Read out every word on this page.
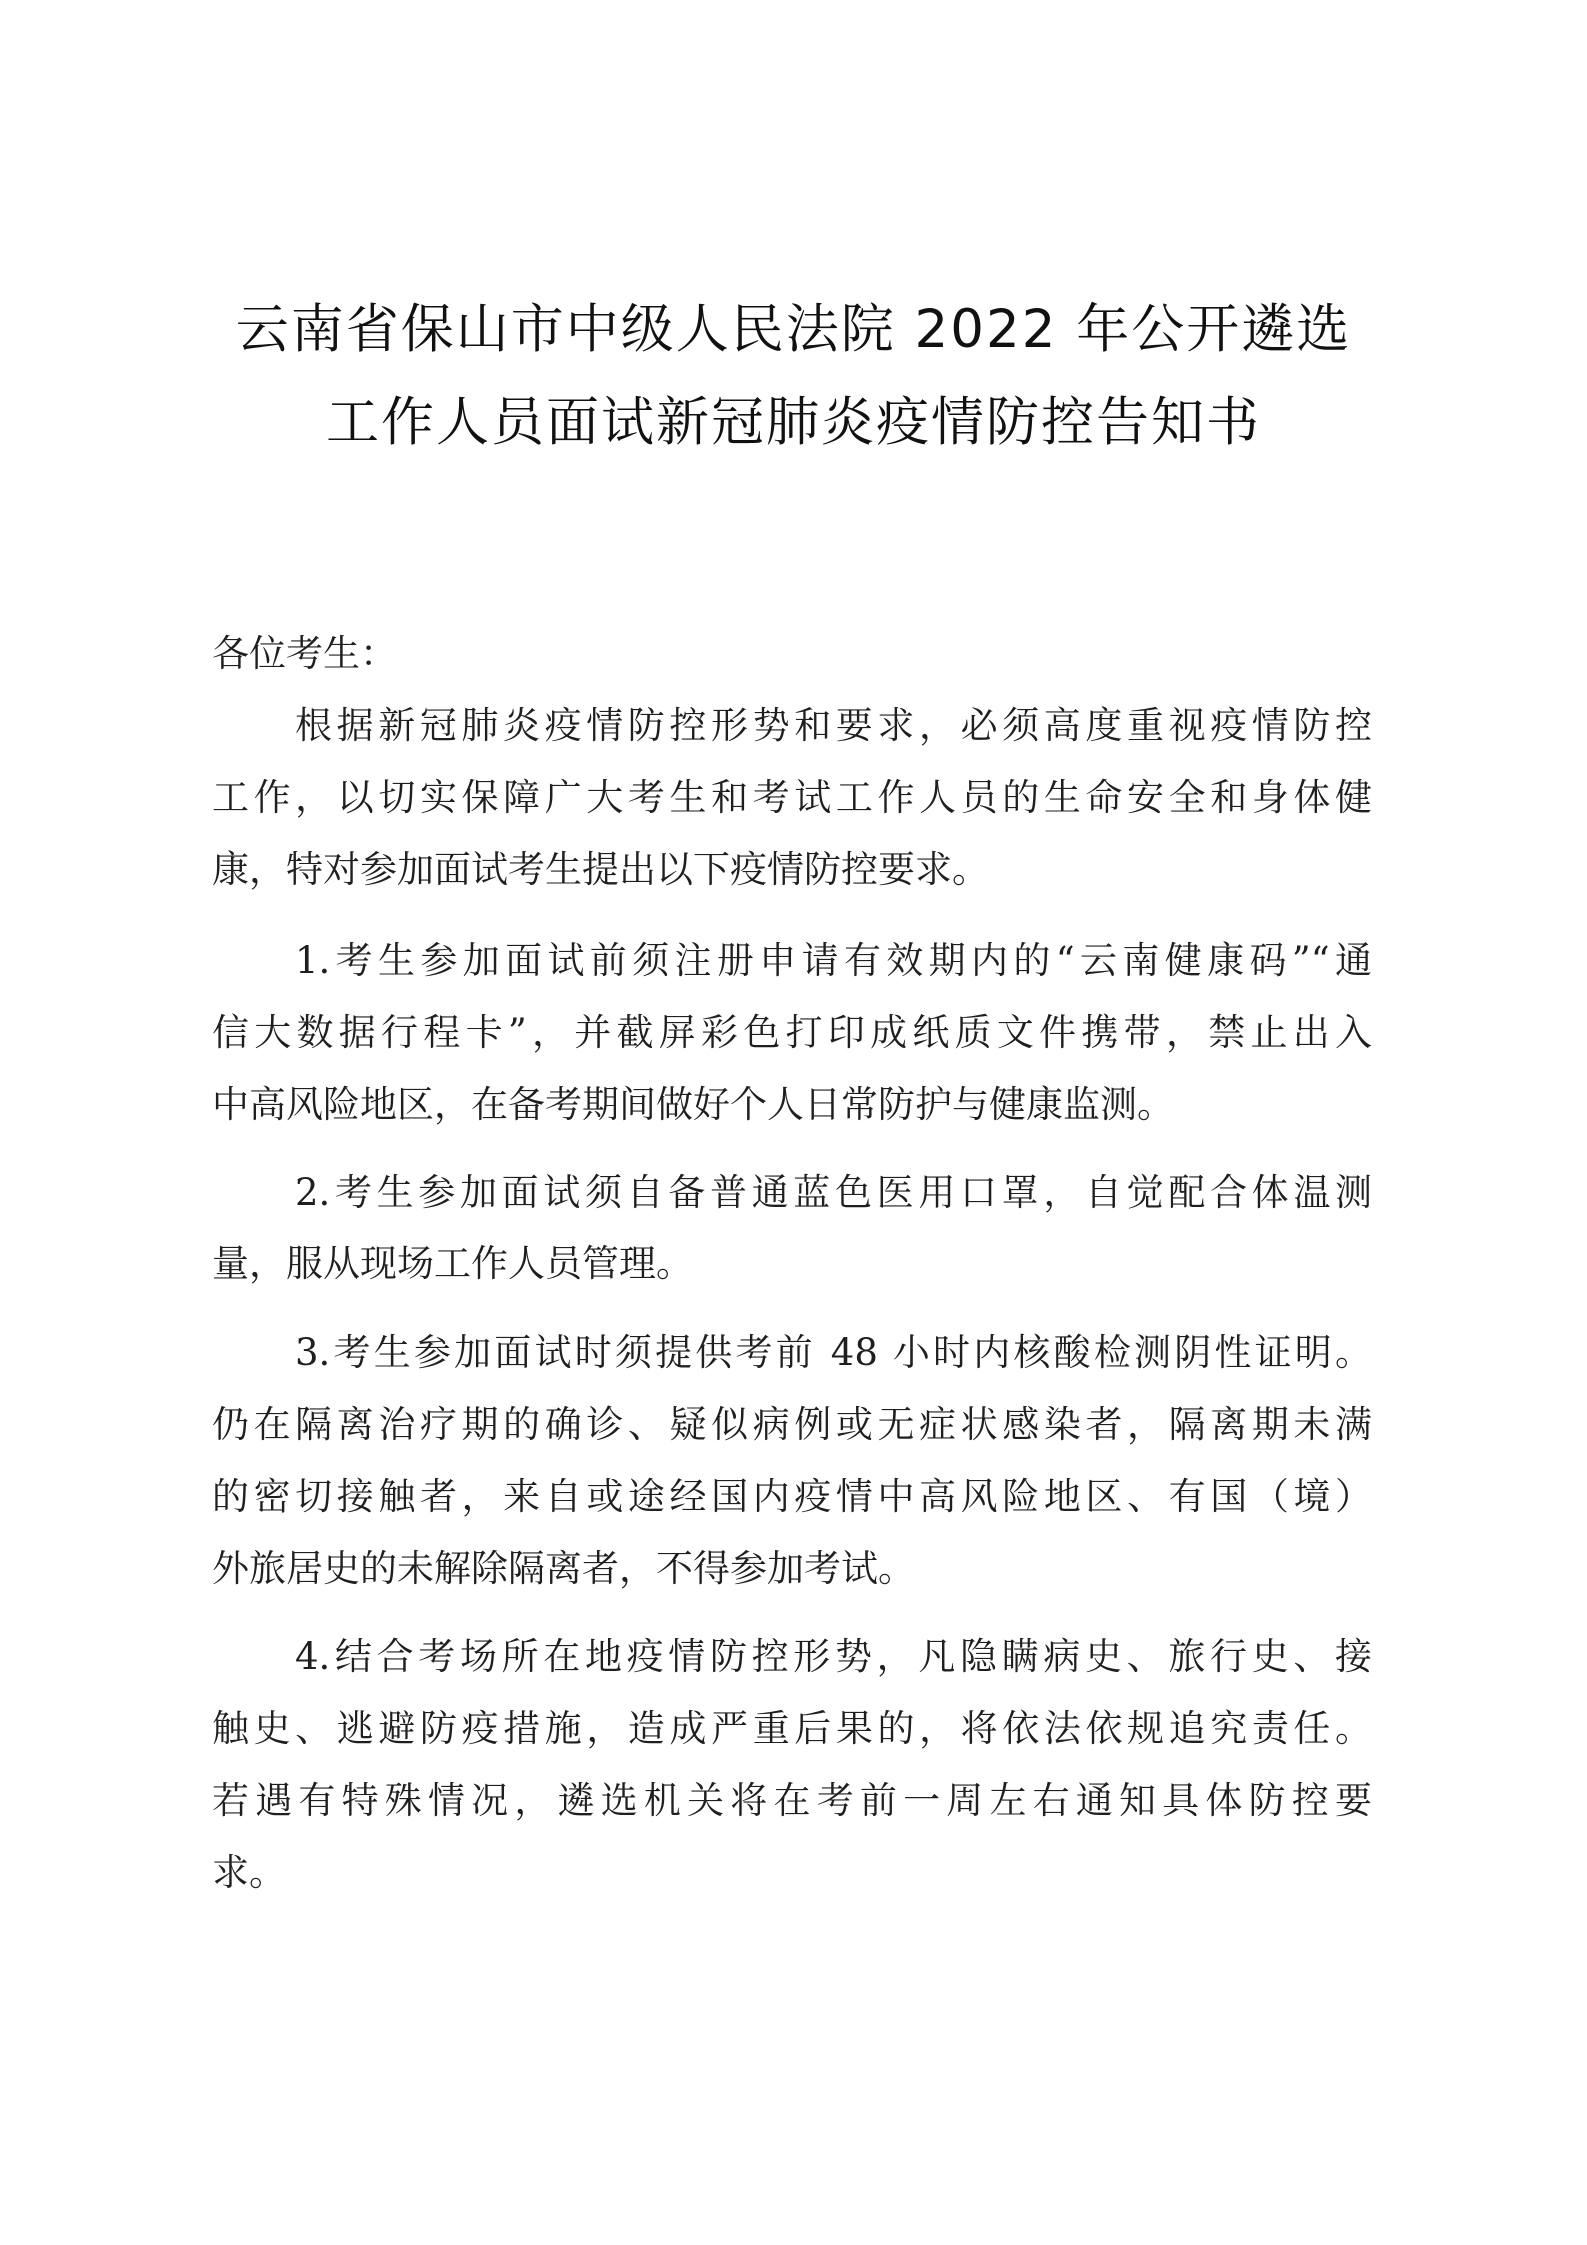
云南省保山市中级人民法院 2022 年公开遴选
工作人员面试新冠肺炎疫情防控告知书
各位考生：
根据新冠肺炎疫情防控形势和要求，必须高度重视疫情防控
工作，以切实保障广大考生和考试工作人员的生命安全和身体健
康，特对参加面试考生提出以下疫情防控要求。
1.考生参加面试前须注册申请有效期内的“云南健康码”“通
信大数据行程卡”，并截屏彩色打印成纸质文件携带，禁止出入
中高风险地区，在备考期间做好个人日常防护与健康监测。
2.考生参加面试须自备普通蓝色医用口罩，自觉配合体温测
量，服从现场工作人员管理。
3.考生参加面试时须提供考前 48 小时内核酸检测阴性证明。
仍在隔离治疗期的确诊、疑似病例或无症状感染者，隔离期未满
的密切接触者，来自或途经国内疫情中高风险地区、有国（境）
外旅居史的未解除隔离者，不得参加考试。
4.结合考场所在地疫情防控形势，凡隐瞒病史、旅行史、接
触史、逃避防疫措施，造成严重后果的，将依法依规追究责任。
若遇有特殊情况，遴选机关将在考前一周左右通知具体防控要
求。
